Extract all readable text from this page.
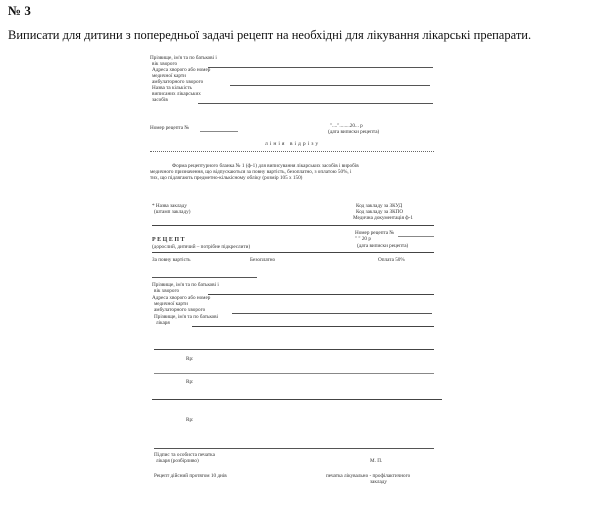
№ 3
Виписати для дитини з попередньої задачі рецепт на необхідні для лікування лікарські препарати.
Прізвище, ім'я та по батькові і
вік хворого
Адреса хворого або номер
медичної карти
амбулаторного хворого
Назва та кількість
виписаних лікарських
засобів
Номер рецепта №	"...."........20... р
(дата виписки рецепта)
лінія відрізу
Форма рецептурного бланка № 1 (ф-1) для виписування лікарських засобів і виробів
медичного призначення, що відпускаються за повну вартість, безоплатно, з оплатою 50%, і
тих, що підлягають предметно-кількісному обліку (розмір 105 х 150)
* Назва закладу
(штамп закладу)
Код закладу за ЗКУД
Код закладу за ЗКПО
Медична документація ф-1
Номер рецепта №
" " 20 р
(дата виписки рецепта)
РЕЦЕПТ
(дорослий, дитячий – потрібне підкреслити)
За повну вартість	Безоплатно	Оплата 50%
Прізвище, ім'я та по батькові і
вік хворого
Адреса хворого або номер
медичної карти
амбулаторного хворого
Прізвище, ім'я та по батькові
лікаря
Rp:
Rp:
Rp:
Підпис та особиста печатка
лікаря (розбірливо)	М. П.
Рецепт дійсний протягом 10 днів	печатка лікувально - профілактичного
закладу
